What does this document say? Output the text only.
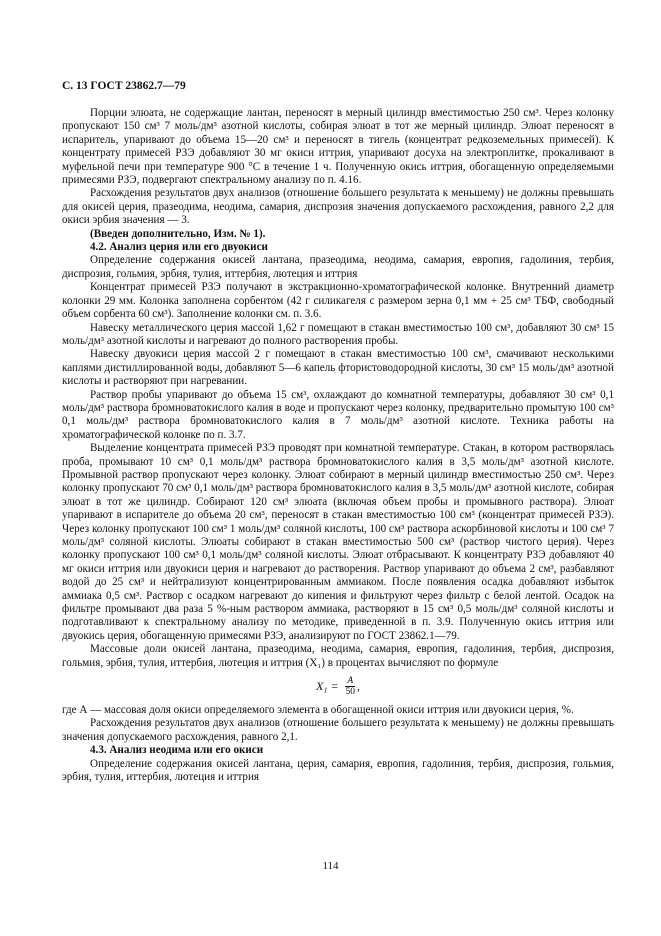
С. 13 ГОСТ 23862.7—79

Порции элюата, не содержащие лантан, переносят в мерный цилиндр вместимостью 250 см³. Через колонку пропускают 150 см³ 7 моль/дм³ азотной кислоты, собирая элюат в тот же мерный цилиндр. Элюат переносят в испаритель, упаривают до объема 15—20 см³ и переносят в тигель (концентрат редкоземельных примесей). К концентрату примесей РЗЭ добавляют 30 мг окиси иттрия, упаривают досуха на электроплитке, прокаливают в муфельной печи при температуре 900 °С в течение 1 ч. Полученную окись иттрия, обогащенную определяемыми примесями РЗЭ, подвергают спектральному анализу по п. 4.16.

Расхождения результатов двух анализов (отношение большего результата к меньшему) не должны превышать для окисей церия, празеодима, неодима, самария, диспрозия значения допускаемого расхождения, равного 2,2 для окиси эрбия значения — 3.

(Введен дополнительно, Изм. № 1).

4.2. Анализ церия или его двуокиси

Определение содержания окисей лантана, празеодима, неодима, самария, европия, гадолиния, тербия, диспрозия, гольмия, эрбия, тулия, иттербия, лютеция и иттрия

Концентрат примесей РЗЭ получают в экстракционно-хроматографической колонке. Внутренний диаметр колонки 29 мм. Колонка заполнена сорбентом (42 г силикагеля с размером зерна 0,1 мм + 25 см³ ТБФ, свободный объем сорбента 60 см³). Заполнение колонки см. п. 3.6.

Навеску металлического церия массой 1,62 г помещают в стакан вместимостью 100 см³, добавляют 30 см³ 15 моль/дм³ азотной кислоты и нагревают до полного растворения пробы.

Навеску двуокиси церия массой 2 г помещают в стакан вместимостью 100 см³, смачивают несколькими каплями дистиллированной воды, добавляют 5—6 капель фтористоводородной кислоты, 30 см³ 15 моль/дм³ азотной кислоты и растворяют при нагревании.

Раствор пробы упаривают до объема 15 см³, охлаждают до комнатной температуры, добавляют 30 см³ 0,1 моль/дм³ раствора бромноватокислого калия в воде и пропускают через колонку, предварительно промытую 100 см³ 0,1 моль/дм³ раствора бромноватокислого калия в 7 моль/дм³ азотной кислоте. Техника работы на хроматографической колонке по п. 3.7.

Выделение концентрата примесей РЗЭ проводят при комнатной температуре. Стакан, в котором растворялась проба, промывают 10 см³ 0,1 моль/дм³ раствора бромноватокислого калия в 3,5 моль/дм³ азотной кислоте. Промывной раствор пропускают через колонку. Элюат собирают в мерный цилиндр вместимостью 250 см³. Через колонку пропускают 70 см³ 0,1 моль/дм³ раствора бромноватокислого калия в 3,5 моль/дм³ азотной кислоте, собирая элюат в тот же цилиндр. Собирают 120 см³ элюата (включая объем пробы и промывного раствора). Элюат упаривают в испарителе до объема 20 см³, переносят в стакан вместимостью 100 см³ (концентрат примесей РЗЭ). Через колонку пропускают 100 см³ 1 моль/дм³ соляной кислоты, 100 см³ раствора аскорбиновой кислоты и 100 см³ 7 моль/дм³ соляной кислоты. Элюаты собирают в стакан вместимостью 500 см³ (раствор чистого церия). Через колонку пропускают 100 см³ 0,1 моль/дм³ соляной кислоты. Элюат отбрасывают. К концентрату РЗЭ добавляют 40 мг окиси иттрия или двуокиси церия и нагревают до растворения. Раствор упаривают до объема 2 см³, разбавляют водой до 25 см³ и нейтрализуют концентрированным аммиаком. После появления осадка добавляют избыток аммиака 0,5 см³. Раствор с осадком нагревают до кипения и фильтруют через фильтр с белой лентой. Осадок на фильтре промывают два раза 5 %-ным раствором аммиака, растворяют в 15 см³ 0,5 моль/дм³ соляной кислоты и подготавливают к спектральному анализу по методике, приведенной в п. 3.9. Полученную окись иттрия или двуокись церия, обогащенную примесями РЗЭ, анализируют по ГОСТ 23862.1—79.

Массовые доли окисей лантана, празеодима, неодима, самария, европия, гадолиния, тербия, диспрозия, гольмия, эрбия, тулия, иттербия, лютеция и иттрия (X₁) в процентах вычисляют по формуле

$X_1 = \frac{A}{50}$ ,

где А — массовая доля окиси определяемого элемента в обогащенной окиси иттрия или двуокиси церия, %.

Расхождения результатов двух анализов (отношение большего результата к меньшему) не должны превышать значения допускаемого расхождения, равного 2,1.

4.3. Анализ неодима или его окиси

Определение содержания окисей лантана, церия, самария, европия, гадолиния, тербия, диспрозия, гольмия, эрбия, тулия, иттербия, лютеция и иттрия

114
